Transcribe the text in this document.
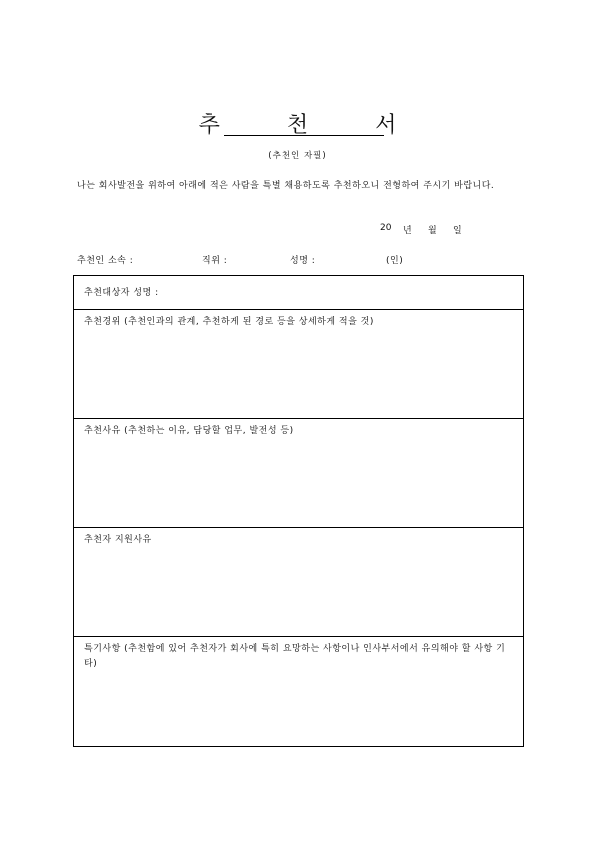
추 천 서
(추천인 자필)
나는 회사발전을 위하여 아래에 적은 사람을 특별 채용하도록 추천하오니 전형하여 주시기 바랍니다.
20 년 월 일
추천인 소속 :	직위 :	성명 :	(인)
추천대상자 성명 :
추천경위 (추천인과의 관계, 추천하게 된 경로 등을 상세하게 적을 것)
추천사유 (추천하는 이유, 담당할 업무, 발전성 등)
추천자 지원사유
특기사항 (추천함에 있어 추천자가 회사에 특히 요망하는 사항이나 인사부서에서 유의해야 할 사항 기타)
